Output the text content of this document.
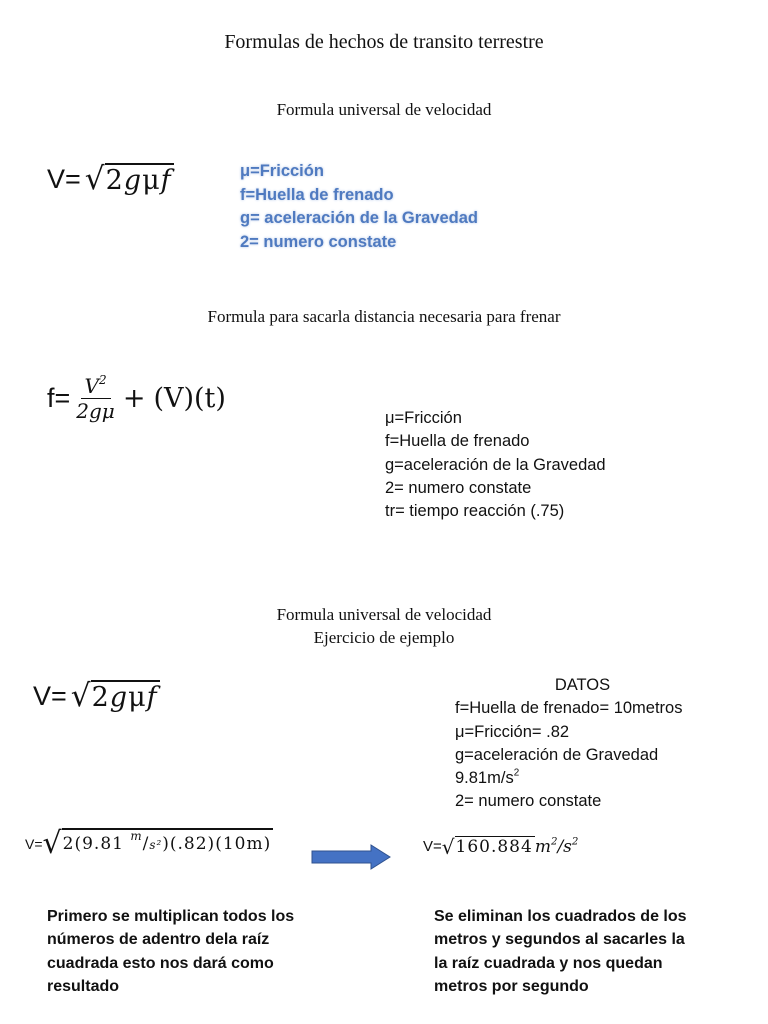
Formulas de hechos de transito terrestre
Formula universal de velocidad
V= √ 2gμf	μ=Fricción
f=Huella de frenado
g= aceleración de la Gravedad
2= numero constate
Formula para sacarla distancia necesaria para frenar
$f= \frac{V^2}{2g\mu} + (V)(t)$
μ=Fricción
f=Huella de frenado
g=aceleración de la Gravedad
2= numero constate
tr= tiempo reacción (.75)
Formula universal de velocidad
Ejercicio de ejemplo
V= √ 2gμf	DATOS
f=Huella de frenado= 10metros
μ=Fricción= .82
g=aceleración de Gravedad
$9.81m/s^2$
2= numero constate
V= √ 2(9.81 $^m$/s²)(.82)(10m)	V= √ 160.884 $m^2/s^2$
Primero se multiplican todos los
números de adentro dela raíz
cuadrada esto nos dará como
resultado
Se eliminan los cuadrados de los
metros y segundos al sacarles la
la raíz cuadrada y nos quedan
metros por segundo
